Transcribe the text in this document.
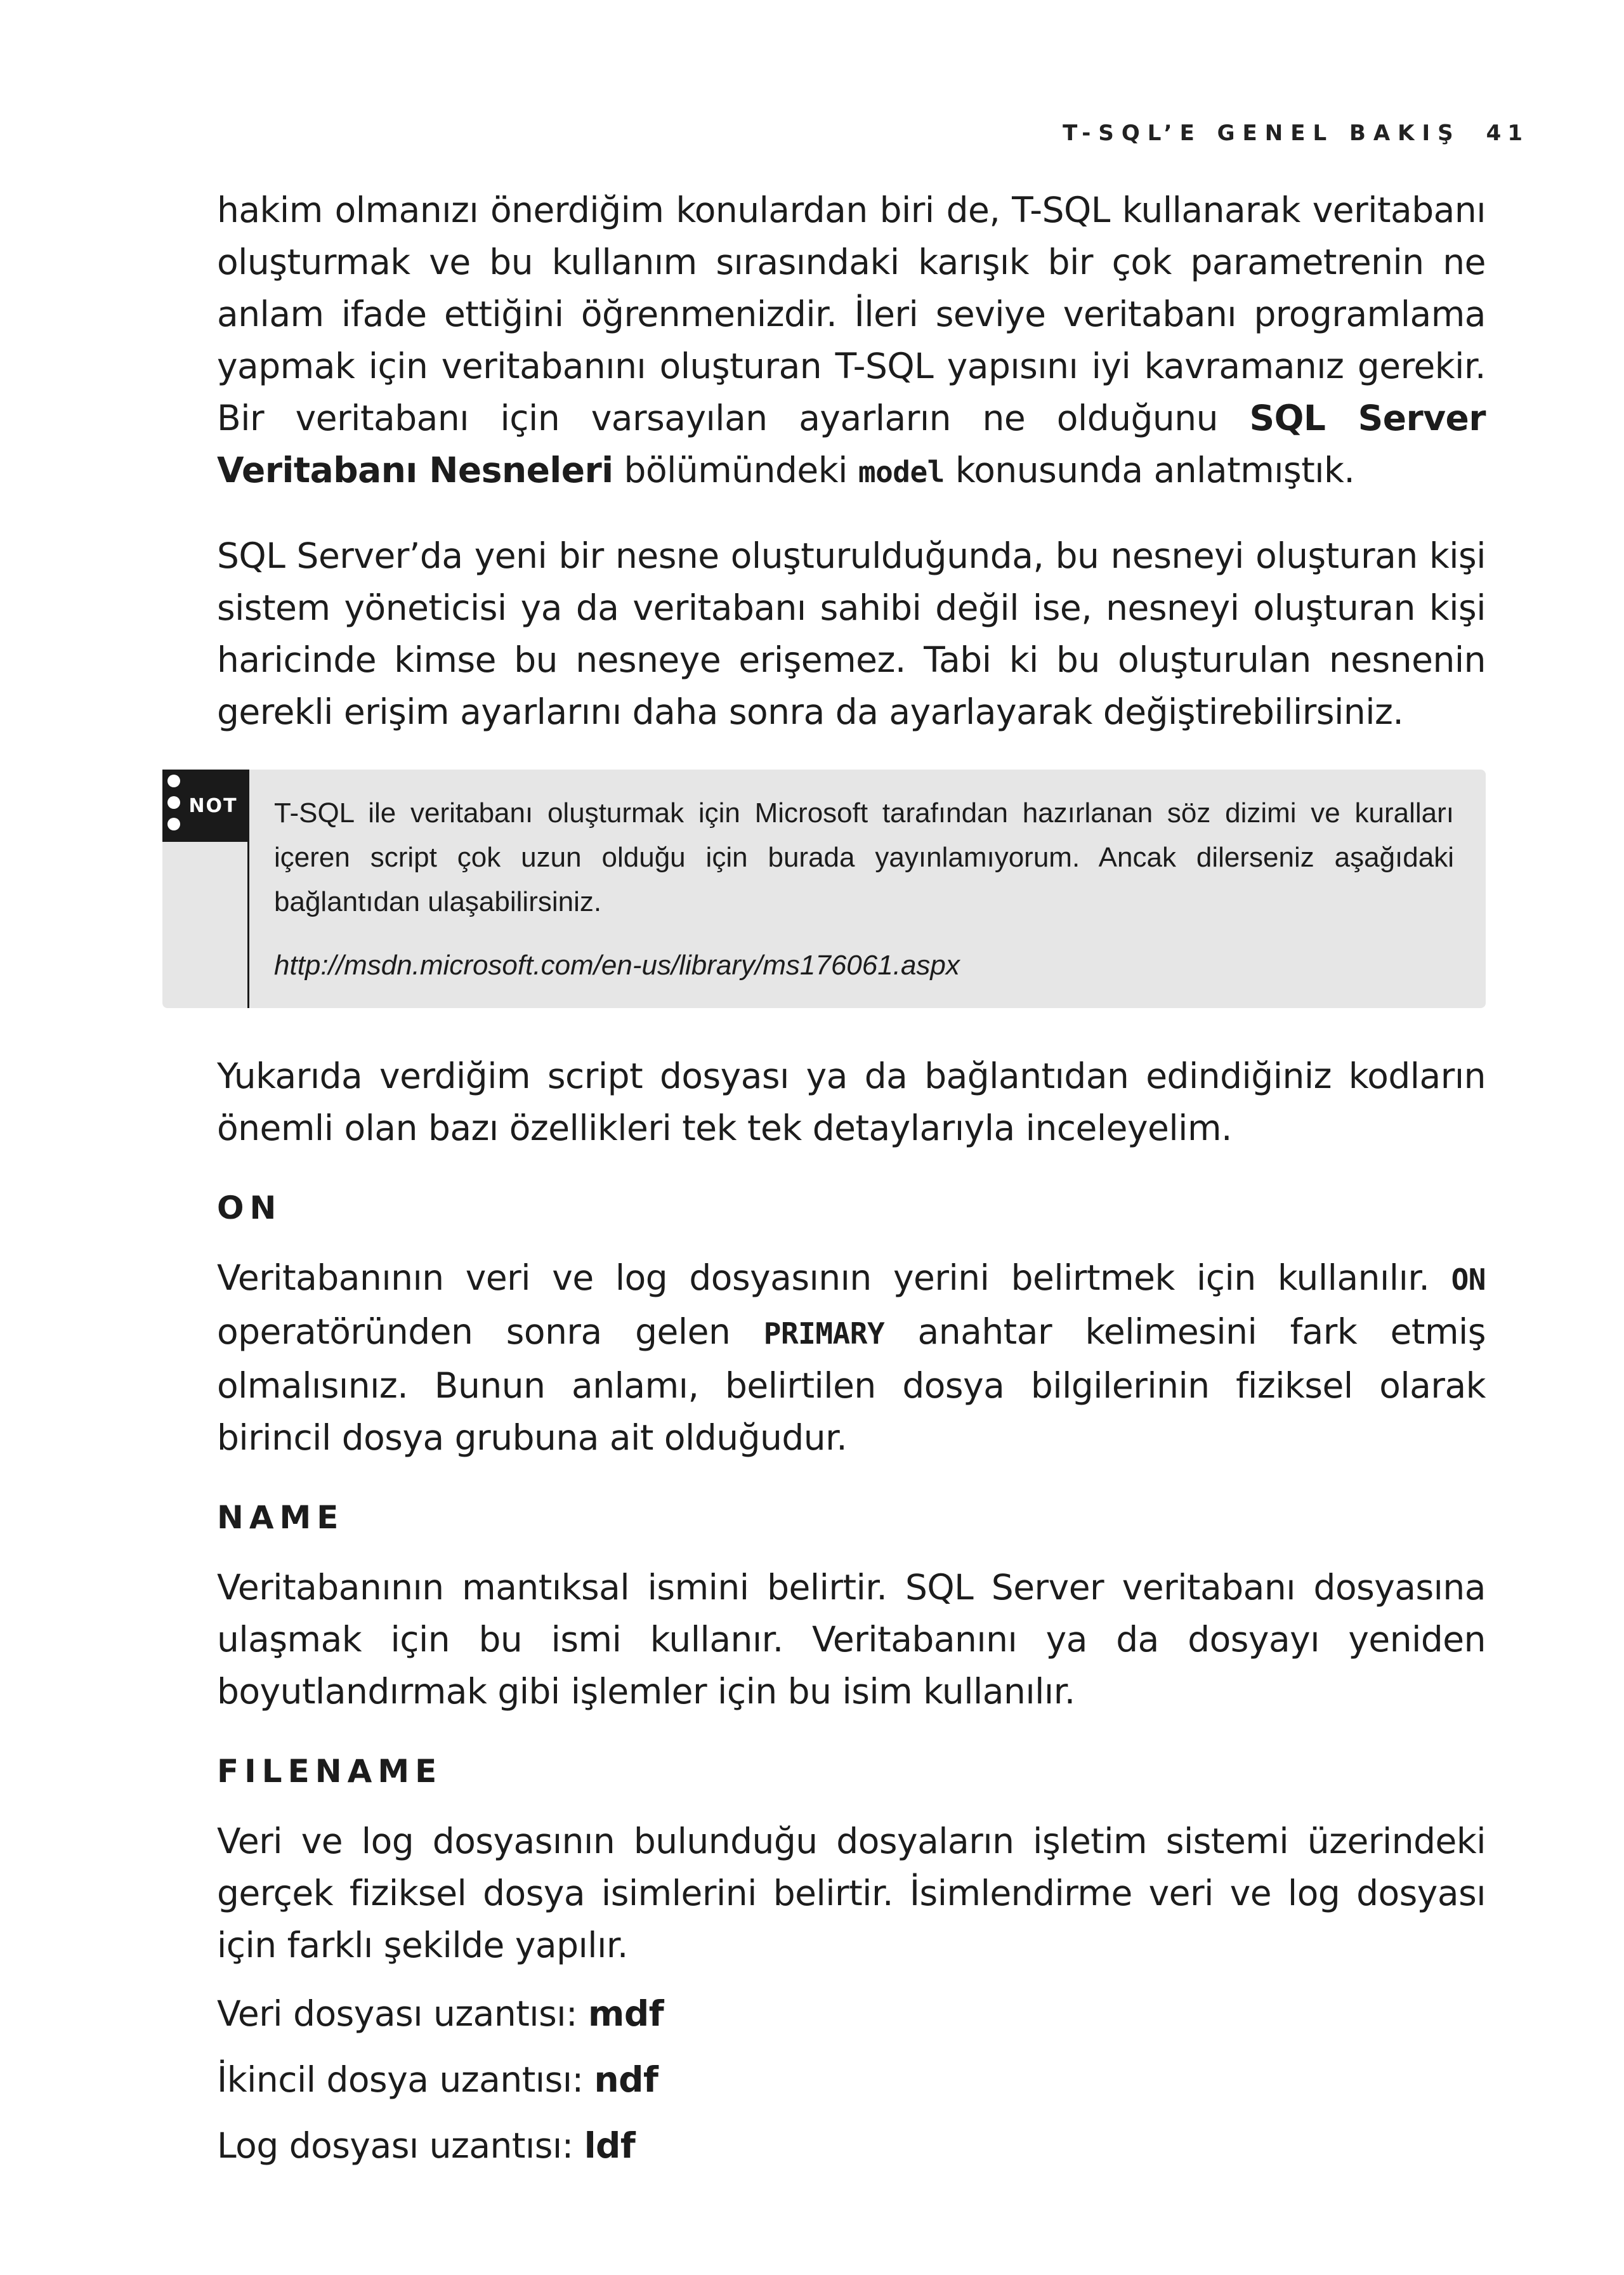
T-SQL’E GENEL BAKIŞ 41

hakim olmanızı önerdiğim konulardan biri de, T-SQL kullanarak veritabanı oluşturmak ve bu kullanım sırasındaki karışık bir çok parametrenin ne anlam ifade ettiğini öğrenmenizdir. İleri seviye veritabanı programlama yapmak için veritabanını oluşturan T-SQL yapısını iyi kavramanız gerekir. Bir veritabanı için varsayılan ayarların ne olduğunu SQL Server Veritabanı Nesneleri bölümündeki model konusunda anlatmıştık.

SQL Server’da yeni bir nesne oluşturulduğunda, bu nesneyi oluşturan kişi sistem yöneticisi ya da veritabanı sahibi değil ise, nesneyi oluşturan kişi haricinde kimse bu nesneye erişemez. Tabi ki bu oluşturulan nesnenin gerekli erişim ayarlarını daha sonra da ayarlayarak değiştirebilirsiniz.

NOT T-SQL ile veritabanı oluşturmak için Microsoft tarafından hazırlanan söz dizimi ve kuralları içeren script çok uzun olduğu için burada yayınlamıyorum. Ancak dilerseniz aşağıdaki bağlantıdan ulaşabilirsiniz.

http://msdn.microsoft.com/en-us/library/ms176061.aspx

Yukarıda verdiğim script dosyası ya da bağlantıdan edindiğiniz kodların önemli olan bazı özellikleri tek tek detaylarıyla inceleyelim.

ON

Veritabanının veri ve log dosyasının yerini belirtmek için kullanılır. ON operatöründen sonra gelen PRIMARY anahtar kelimesini fark etmiş olmalısınız. Bunun anlamı, belirtilen dosya bilgilerinin fiziksel olarak birincil dosya grubuna ait olduğudur.

NAME

Veritabanının mantıksal ismini belirtir. SQL Server veritabanı dosyasına ulaşmak için bu ismi kullanır. Veritabanını ya da dosyayı yeniden boyutlandırmak gibi işlemler için bu isim kullanılır.

FILENAME

Veri ve log dosyasının bulunduğu dosyaların işletim sistemi üzerindeki gerçek fiziksel dosya isimlerini belirtir. İsimlendirme veri ve log dosyası için farklı şekilde yapılır.

Veri dosyası uzantısı: mdf
İkincil dosya uzantısı: ndf
Log dosyası uzantısı: ldf
